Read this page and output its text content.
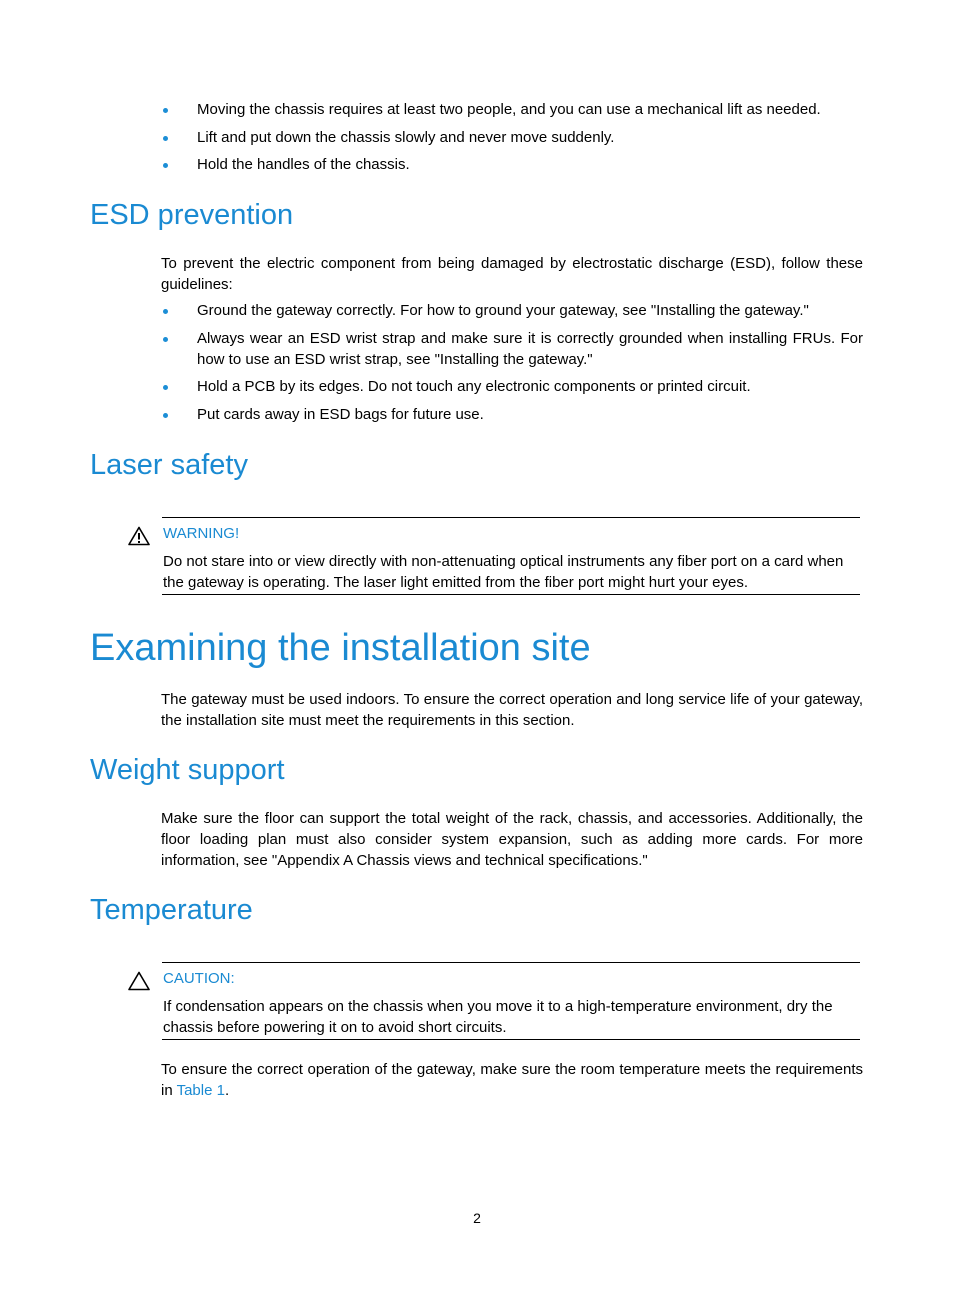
Moving the chassis requires at least two people, and you can use a mechanical lift as needed.
Lift and put down the chassis slowly and never move suddenly.
Hold the handles of the chassis.
ESD prevention

To prevent the electric component from being damaged by electrostatic discharge (ESD), follow these guidelines:

Ground the gateway correctly. For how to ground your gateway, see "Installing the gateway."
Always wear an ESD wrist strap and make sure it is correctly grounded when installing FRUs. For how to use an ESD wrist strap, see "Installing the gateway."
Hold a PCB by its edges. Do not touch any electronic components or printed circuit.
Put cards away in ESD bags for future use.
Laser safety
WARNING!
Do not stare into or view directly with non-attenuating optical instruments any fiber port on a card when the gateway is operating. The laser light emitted from the fiber port might hurt your eyes.
Examining the installation site

The gateway must be used indoors. To ensure the correct operation and long service life of your gateway, the installation site must meet the requirements in this section.

Weight support

Make sure the floor can support the total weight of the rack, chassis, and accessories. Additionally, the floor loading plan must also consider system expansion, such as adding more cards. For more information, see "Appendix A Chassis views and technical specifications."

Temperature
CAUTION:
If condensation appears on the chassis when you move it to a high-temperature environment, dry the chassis before powering it on to avoid short circuits.

To ensure the correct operation of the gateway, make sure the room temperature meets the requirements in Table 1.

2
